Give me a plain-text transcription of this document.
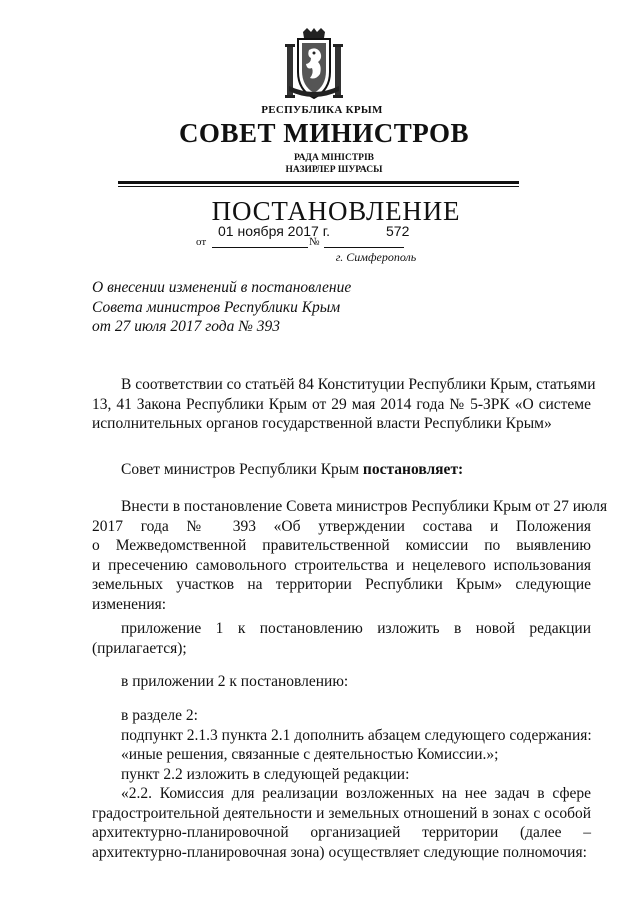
РЕСПУБЛИКА КРЫМ
СОВЕТ МИНИСТРОВ
РАДА МІНІСТРІВ
НАЗИРЛЕР ШУРАСЫ
ПОСТАНОВЛЕНИЕ
от
01 ноября 2017 г.
№
572
г. Симферополь
О внесении изменений в постановление
Совета министров Республики Крым
от 27 июля 2017 года № 393
В соответствии со статьёй 84 Конституции Республики Крым, статьями
13, 41 Закона Республики Крым от 29 мая 2014 года № 5-ЗРК «О системе
исполнительных органов государственной власти Республики Крым»
Совет министров Республики Крым постановляет:
Внести в постановление Совета министров Республики Крым от 27 июля
2017 года № 393 «Об утверждении состава и Положения
о Межведомственной правительственной комиссии по выявлению
и пресечению самовольного строительства и нецелевого использования
земельных участков на территории Республики Крым» следующие
изменения:
приложение 1 к постановлению изложить в новой редакции
(прилагается);
в приложении 2 к постановлению:
в разделе 2:
подпункт 2.1.3 пункта 2.1 дополнить абзацем следующего содержания:
«иные решения, связанные с деятельностью Комиссии.»;
пункт 2.2 изложить в следующей редакции:
«2.2. Комиссия для реализации возложенных на нее задач в сфере
градостроительной деятельности и земельных отношений в зонах с особой
архитектурно-планировочной организацией территории (далее –
архитектурно-планировочная зона) осуществляет следующие полномочия:
